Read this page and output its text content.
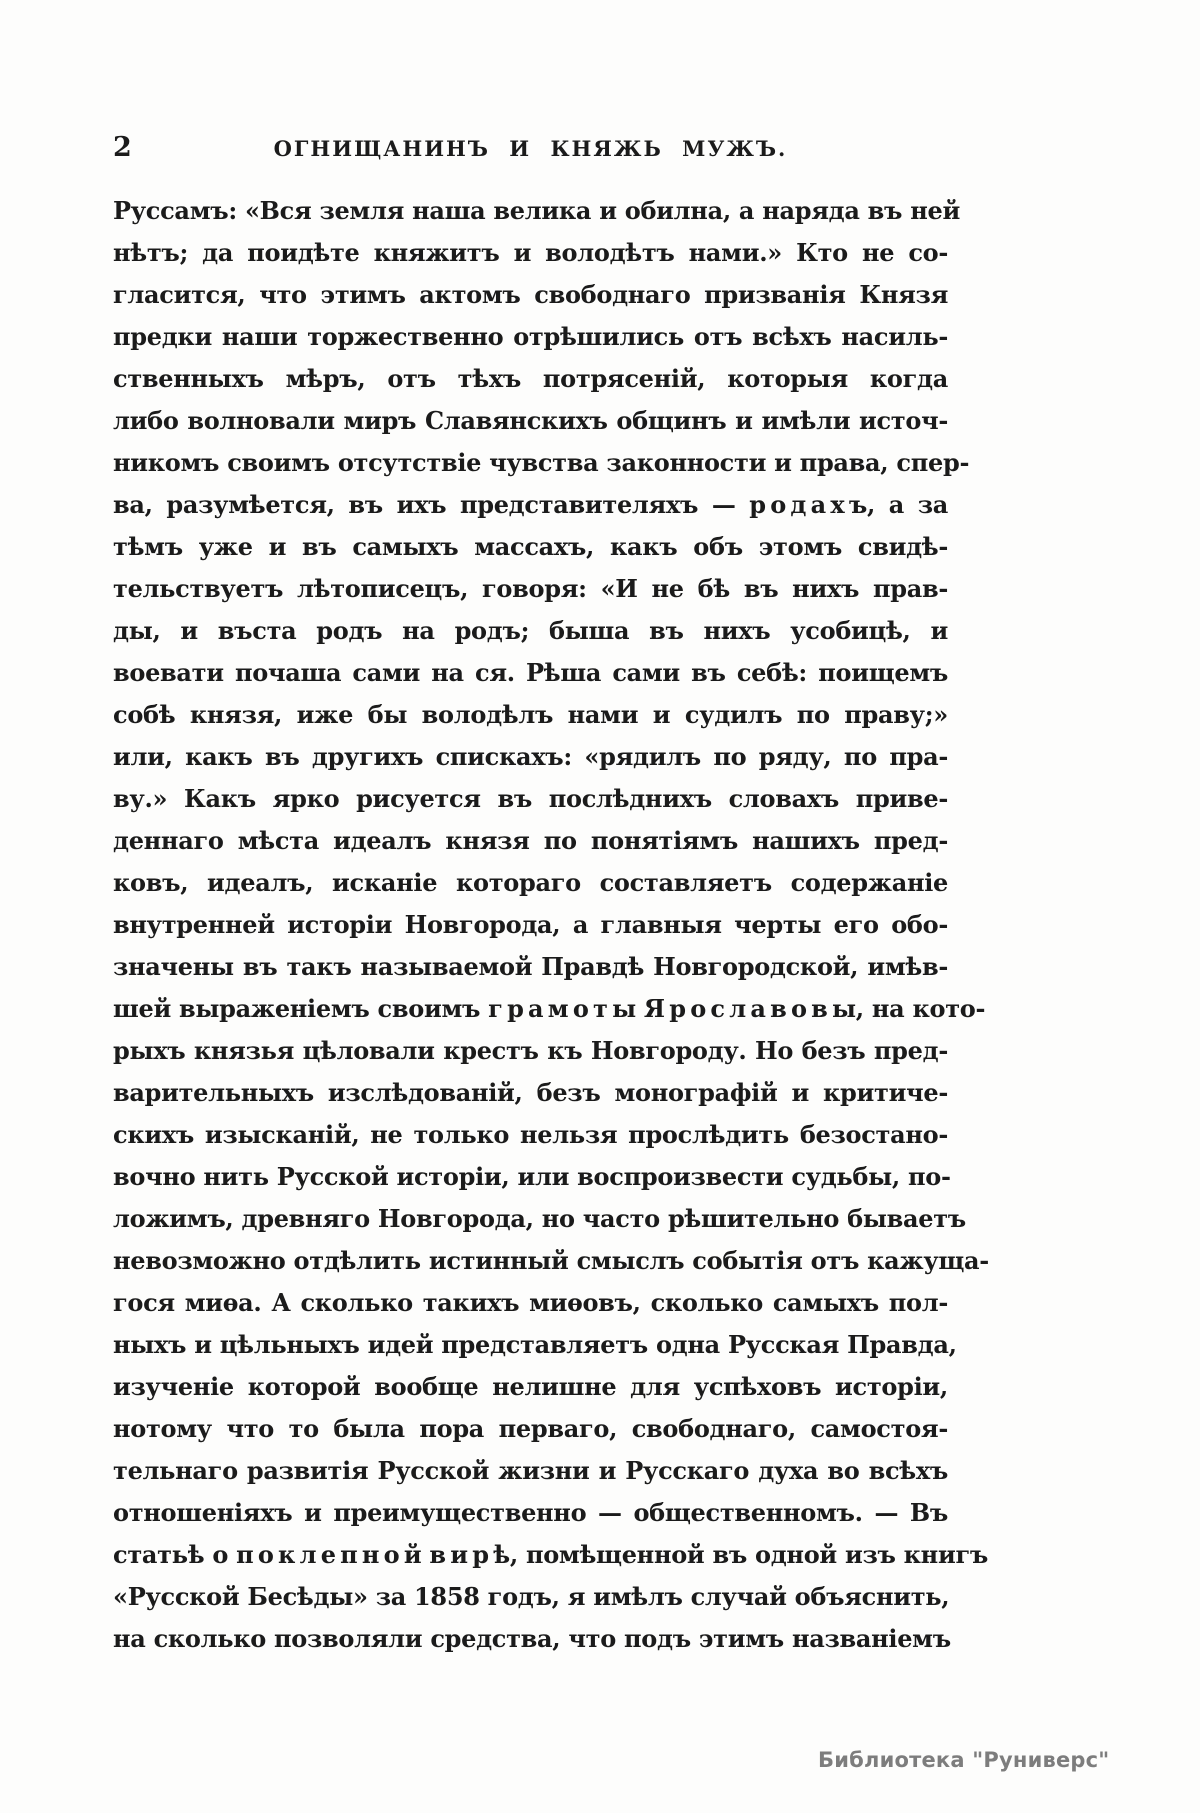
2	ОГНИЩАНИНЪ И КНЯЖЬ МУЖЪ.
Руссамъ: «Вся земля наша велика и обилна, а наряда въ ней
нѣтъ; да поидѣте княжитъ и володѣтъ нами.» Кто не со-
гласится, что этимъ актомъ свободнаго призванія Князя
предки наши торжественно отрѣшились отъ всѣхъ насиль-
ственныхъ мѣръ, отъ тѣхъ потрясеній, которыя когда
либо волновали миръ Славянскихъ общинъ и имѣли источ-
никомъ своимъ отсутствіе чувства законности и права, спер-
ва, разумѣется, въ ихъ представителяхъ — р о д а х ъ, а за
тѣмъ уже и въ самыхъ массахъ, какъ объ этомъ свидѣ-
тельствуетъ лѣтописецъ, говоря: «И не бѣ въ нихъ прав-
ды, и въста родъ на родъ; быша въ нихъ усобицѣ, и
воевати почаша сами на ся. Рѣша сами въ себѣ: поищемъ
собѣ князя, иже бы володѣлъ нами и судилъ по праву;»
или, какъ въ другихъ спискахъ: «рядилъ по ряду, по пра-
ву.» Какъ ярко рисуется въ послѣднихъ словахъ приве-
деннаго мѣста идеалъ князя по понятіямъ нашихъ пред-
ковъ, идеалъ, исканіе котораго составляетъ содержаніе
внутренней исторіи Новгорода, а главныя черты его обо-
значены въ такъ называемой Правдѣ Новгородской, имѣв-
шей выраженіемъ своимъ г р а м о т ы Я р о с л а в о в ы, на кото-
рыхъ князья цѣловали крестъ къ Новгороду. Но безъ пред-
варительныхъ изслѣдованій, безъ монографій и критиче-
скихъ изысканій, не только нельзя прослѣдить безостано-
вочно нить Русской исторіи, или воспроизвести судьбы, по-
ложимъ, древняго Новгорода, но часто рѣшительно бываетъ
невозможно отдѣлить истинный смыслъ событія отъ кажуща-
гося миѳа. А сколько такихъ миѳовъ, сколько самыхъ пол-
ныхъ и цѣльныхъ идей представляетъ одна Русская Правда,
изученіе которой вообще нелишне для успѣховъ исторіи,
нотому что то была пора перваго, свободнаго, самостоя-
тельнаго развитія Русской жизни и Русскаго духа во всѣхъ
отношеніяхъ и преимущественно — общественномъ. — Въ
статьѣ о п о к л е п н о й в и р ѣ, помѣщенной въ одной изъ книгъ
«Русской Бесѣды» за 1858 годъ, я имѣлъ случай объяснить,
на сколько позволяли средства, что подъ этимъ названіемъ
Библиотека "Руниверс"
